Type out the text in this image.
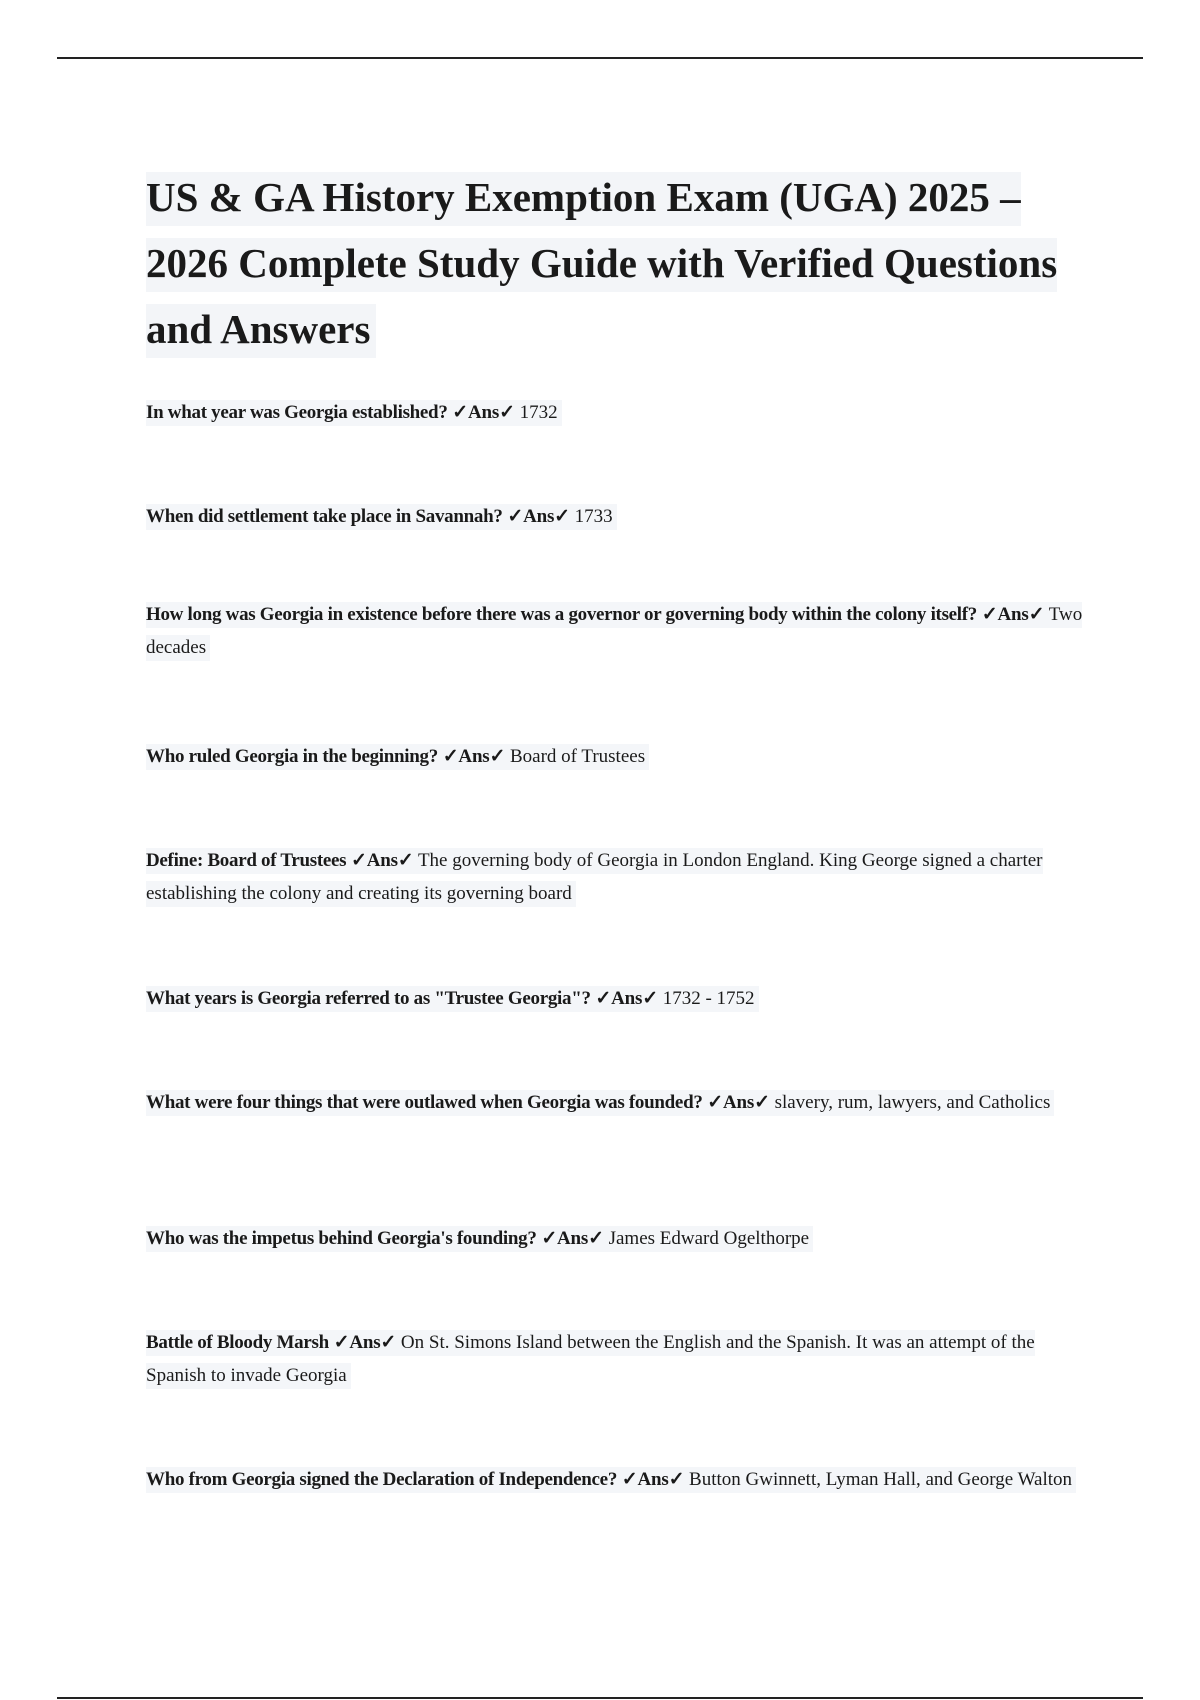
US & GA History Exemption Exam (UGA) 2025 – 2026 Complete Study Guide with Verified Questions and Answers

In what year was Georgia established? ✓Ans✓ 1732

When did settlement take place in Savannah? ✓Ans✓ 1733

How long was Georgia in existence before there was a governor or governing body within the colony itself? ✓Ans✓ Two decades

Who ruled Georgia in the beginning? ✓Ans✓ Board of Trustees

Define: Board of Trustees ✓Ans✓ The governing body of Georgia in London England. King George signed a charter establishing the colony and creating its governing board

What years is Georgia referred to as "Trustee Georgia"? ✓Ans✓ 1732 - 1752

What were four things that were outlawed when Georgia was founded? ✓Ans✓ slavery, rum, lawyers, and Catholics

Who was the impetus behind Georgia's founding? ✓Ans✓ James Edward Ogelthorpe

Battle of Bloody Marsh ✓Ans✓ On St. Simons Island between the English and the Spanish. It was an attempt of the Spanish to invade Georgia

Who from Georgia signed the Declaration of Independence? ✓Ans✓ Button Gwinnett, Lyman Hall, and George Walton
